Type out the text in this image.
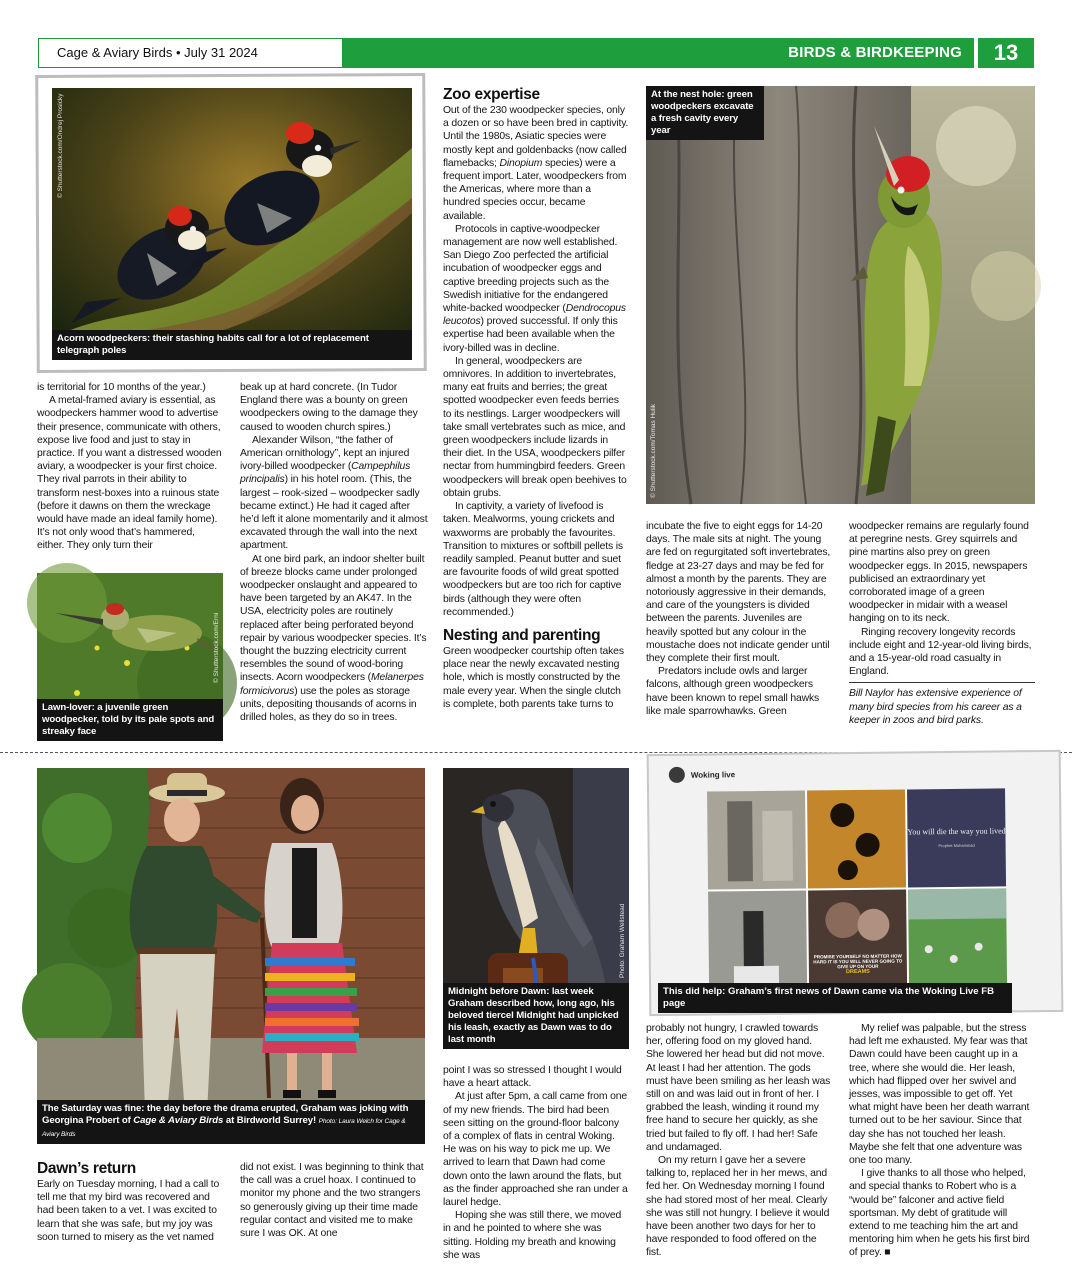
Cage & Aviary Birds • July 31 2024	BIRDS & BIRDKEEPING	13
© Shutterstock.com/Ondrej Prosicky
Acorn woodpeckers: their stashing habits call for a lot of replacement telegraph poles
© Shutterstock.com/Tomas Hulik
At the nest hole: green woodpeckers excavate a fresh cavity every year
© Shutterstock.com/Erni
Lawn-lover: a juvenile green woodpecker, told by its pale spots and streaky face

is territorial for 10 months of the year.)

A metal-framed aviary is essential, as woodpeckers hammer wood to advertise their presence, communicate with others, expose live food and just to stay in practice. If you want a distressed wooden aviary, a woodpecker is your first choice. They rival parrots in their ability to transform nest-boxes into a ruinous state (before it dawns on them the wreckage would have made an ideal family home). It’s not only wood that’s hammered, either. They only turn their

beak up at hard concrete. (In Tudor England there was a bounty on green woodpeckers owing to the damage they caused to wooden church spires.)

Alexander Wilson, “the father of American ornithology”, kept an injured ivory-billed woodpecker (Campephilus principalis) in his hotel room. (This, the largest – rook-sized – woodpecker sadly became extinct.) He had it caged after he’d left it alone momentarily and it almost excavated through the wall into the next apartment.

At one bird park, an indoor shelter built of breeze blocks came under prolonged woodpecker onslaught and appeared to have been targeted by an AK47. In the USA, electricity poles are routinely replaced after being perforated beyond repair by various woodpecker species. It’s thought the buzzing electricity current resembles the sound of wood-boring insects. Acorn woodpeckers (Melanerpes formicivorus) use the poles as storage units, depositing thousands of acorns in drilled holes, as they do so in trees.

Zoo expertise

Out of the 230 woodpecker species, only a dozen or so have been bred in captivity. Until the 1980s, Asiatic species were mostly kept and goldenbacks (now called flamebacks; Dinopium species) were a frequent import. Later, woodpeckers from the Americas, where more than a hundred species occur, became available.

Protocols in captive-woodpecker management are now well established. San Diego Zoo perfected the artificial incubation of woodpecker eggs and captive breeding projects such as the Swedish initiative for the endangered white-backed woodpecker (Dendrocopus leucotos) proved successful. If only this expertise had been available when the ivory-billed was in decline.

In general, woodpeckers are omnivores. In addition to invertebrates, many eat fruits and berries; the great spotted woodpecker even feeds berries to its nestlings. Larger woodpeckers will take small vertebrates such as mice, and green woodpeckers include lizards in their diet. In the USA, woodpeckers pilfer nectar from hummingbird feeders. Green woodpeckers will break open beehives to obtain grubs.

In captivity, a variety of livefood is taken. Mealworms, young crickets and waxworms are probably the favourites. Transition to mixtures or softbill pellets is readily sampled. Peanut butter and suet are favourite foods of wild great spotted woodpeckers but are too rich for captive birds (although they were often recommended.)

Nesting and parenting

Green woodpecker courtship often takes place near the newly excavated nesting hole, which is mostly constructed by the male every year. When the single clutch is complete, both parents take turns to

incubate the five to eight eggs for 14-20 days. The male sits at night. The young are fed on regurgitated soft invertebrates, fledge at 23-27 days and may be fed for almost a month by the parents. They are notoriously aggressive in their demands, and care of the youngsters is divided between the parents. Juveniles are heavily spotted but any colour in the moustache does not indicate gender until they complete their first moult.

Predators include owls and larger falcons, although green woodpeckers have been known to repel small hawks like male sparrowhawks. Green

woodpecker remains are regularly found at peregrine nests. Grey squirrels and pine martins also prey on green woodpecker eggs. In 2015, newspapers publicised an extraordinary yet corroborated image of a green woodpecker in midair with a weasel hanging on to its neck.

Ringing recovery longevity records include eight and 12-year-old living birds, and a 15-year-old road casualty in England.

Bill Naylor has extensive experience of many bird species from his career as a keeper in zoos and bird parks.

The Saturday was fine: the day before the drama erupted, Graham was joking with Georgina Probert of Cage & Aviary Birds at Birdworld Surrey! Photo: Laura Welch for Cage & Aviary Birds
Photo: Graham Wellstead
Midnight before Dawn: last week Graham described how, long ago, his beloved tiercel Midnight had unpicked his leash, exactly as Dawn was to do last month
Woking live
You will die the way you lived
Prophet Muhammad
PROMISE YOURSELF NO MATTER HOW HARD IT IS YOU WILL NEVER GOING TO GIVE UP ON YOUR
DREAMS
This did help: Graham’s first news of Dawn came via the Woking Live FB page
Dawn’s return

Early on Tuesday morning, I had a call to tell me that my bird was recovered and had been taken to a vet. I was excited to learn that she was safe, but my joy was soon turned to misery as the vet named

did not exist. I was beginning to think that the call was a cruel hoax. I continued to monitor my phone and the two strangers so generously giving up their time made regular contact and visited me to make sure I was OK. At one

point I was so stressed I thought I would have a heart attack.

At just after 5pm, a call came from one of my new friends. The bird had been seen sitting on the ground-floor balcony of a complex of flats in central Woking. He was on his way to pick me up. We arrived to learn that Dawn had come down onto the lawn around the flats, but as the finder approached she ran under a laurel hedge.

Hoping she was still there, we moved in and he pointed to where she was sitting. Holding my breath and knowing she was

probably not hungry, I crawled towards her, offering food on my gloved hand. She lowered her head but did not move. At least I had her attention. The gods must have been smiling as her leash was still on and was laid out in front of her. I grabbed the leash, winding it round my free hand to secure her quickly, as she tried but failed to fly off. I had her! Safe and undamaged.

On my return I gave her a severe talking to, replaced her in her mews, and fed her. On Wednesday morning I found she had stored most of her meal. Clearly she was still not hungry. I believe it would have been another two days for her to have responded to food offered on the fist.

My relief was palpable, but the stress had left me exhausted. My fear was that Dawn could have been caught up in a tree, where she would die. Her leash, which had flipped over her swivel and jesses, was impossible to get off. Yet what might have been her death warrant turned out to be her saviour. Since that day she has not touched her leash. Maybe she felt that one adventure was one too many.

I give thanks to all those who helped, and special thanks to Robert who is a “would be” falconer and active field sportsman. My debt of gratitude will extend to me teaching him the art and mentoring him when he gets his first bird of prey. ■
